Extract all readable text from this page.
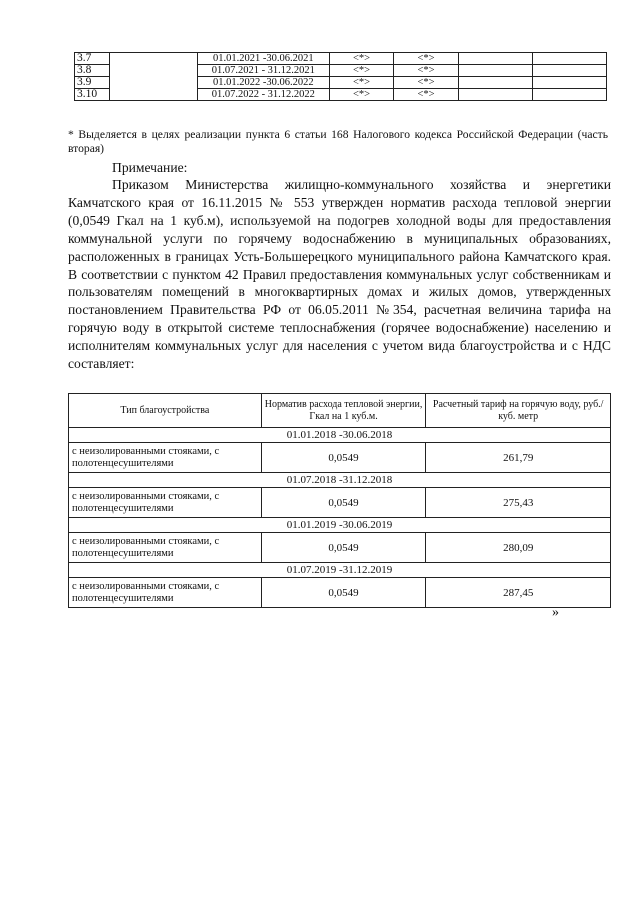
3.7		01.01.2021 -30.06.2021	<*>	<*>		
3.8		01.07.2021 - 31.12.2021	<*>	<*>		
3.9		01.01.2022 -30.06.2022	<*>	<*>		
3.10		01.07.2022 - 31.12.2022	<*>	<*>		
* Выделяется в целях реализации пункта 6 статьи 168 Налогового кодекса Российской Федерации (часть вторая)
Примечание:

Приказом Министерства жилищно-коммунального хозяйства и энергетики Камчатского края от 16.11.2015 № 553 утвержден норматив расхода тепловой энергии (0,0549 Гкал на 1 куб.м), используемой на подогрев холодной воды для предоставления коммунальной услуги по горячему водоснабжению в муниципальных образованиях, расположенных в границах Усть-Большерецкого муниципального района Камчатского края. В соответствии с пунктом 42 Правил предоставления коммунальных услуг собственникам и пользователям помещений в многоквартирных домах и жилых домов, утвержденных постановлением Правительства РФ от 06.05.2011 №354, расчетная величина тарифа на горячую воду в открытой системе теплоснабжения (горячее водоснабжение) населению и исполнителям коммунальных услуг для населения с учетом вида благоустройства и с НДС составляет:

Тип благоустройства	Норматив расхода тепловой энергии, Гкал на 1 куб.м.	Расчетный тариф на горячую воду, руб./куб. метр
01.01.2018 -30.06.2018		
с неизолированными стояками, с полотенцесушителями	0,0549	261,79
01.07.2018 -31.12.2018		
с неизолированными стояками, с полотенцесушителями	0,0549	275,43
01.01.2019 -30.06.2019		
с неизолированными стояками, с полотенцесушителями	0,0549	280,09
01.07.2019 -31.12.2019		
с неизолированными стояками, с полотенцесушителями	0,0549	287,45
»
